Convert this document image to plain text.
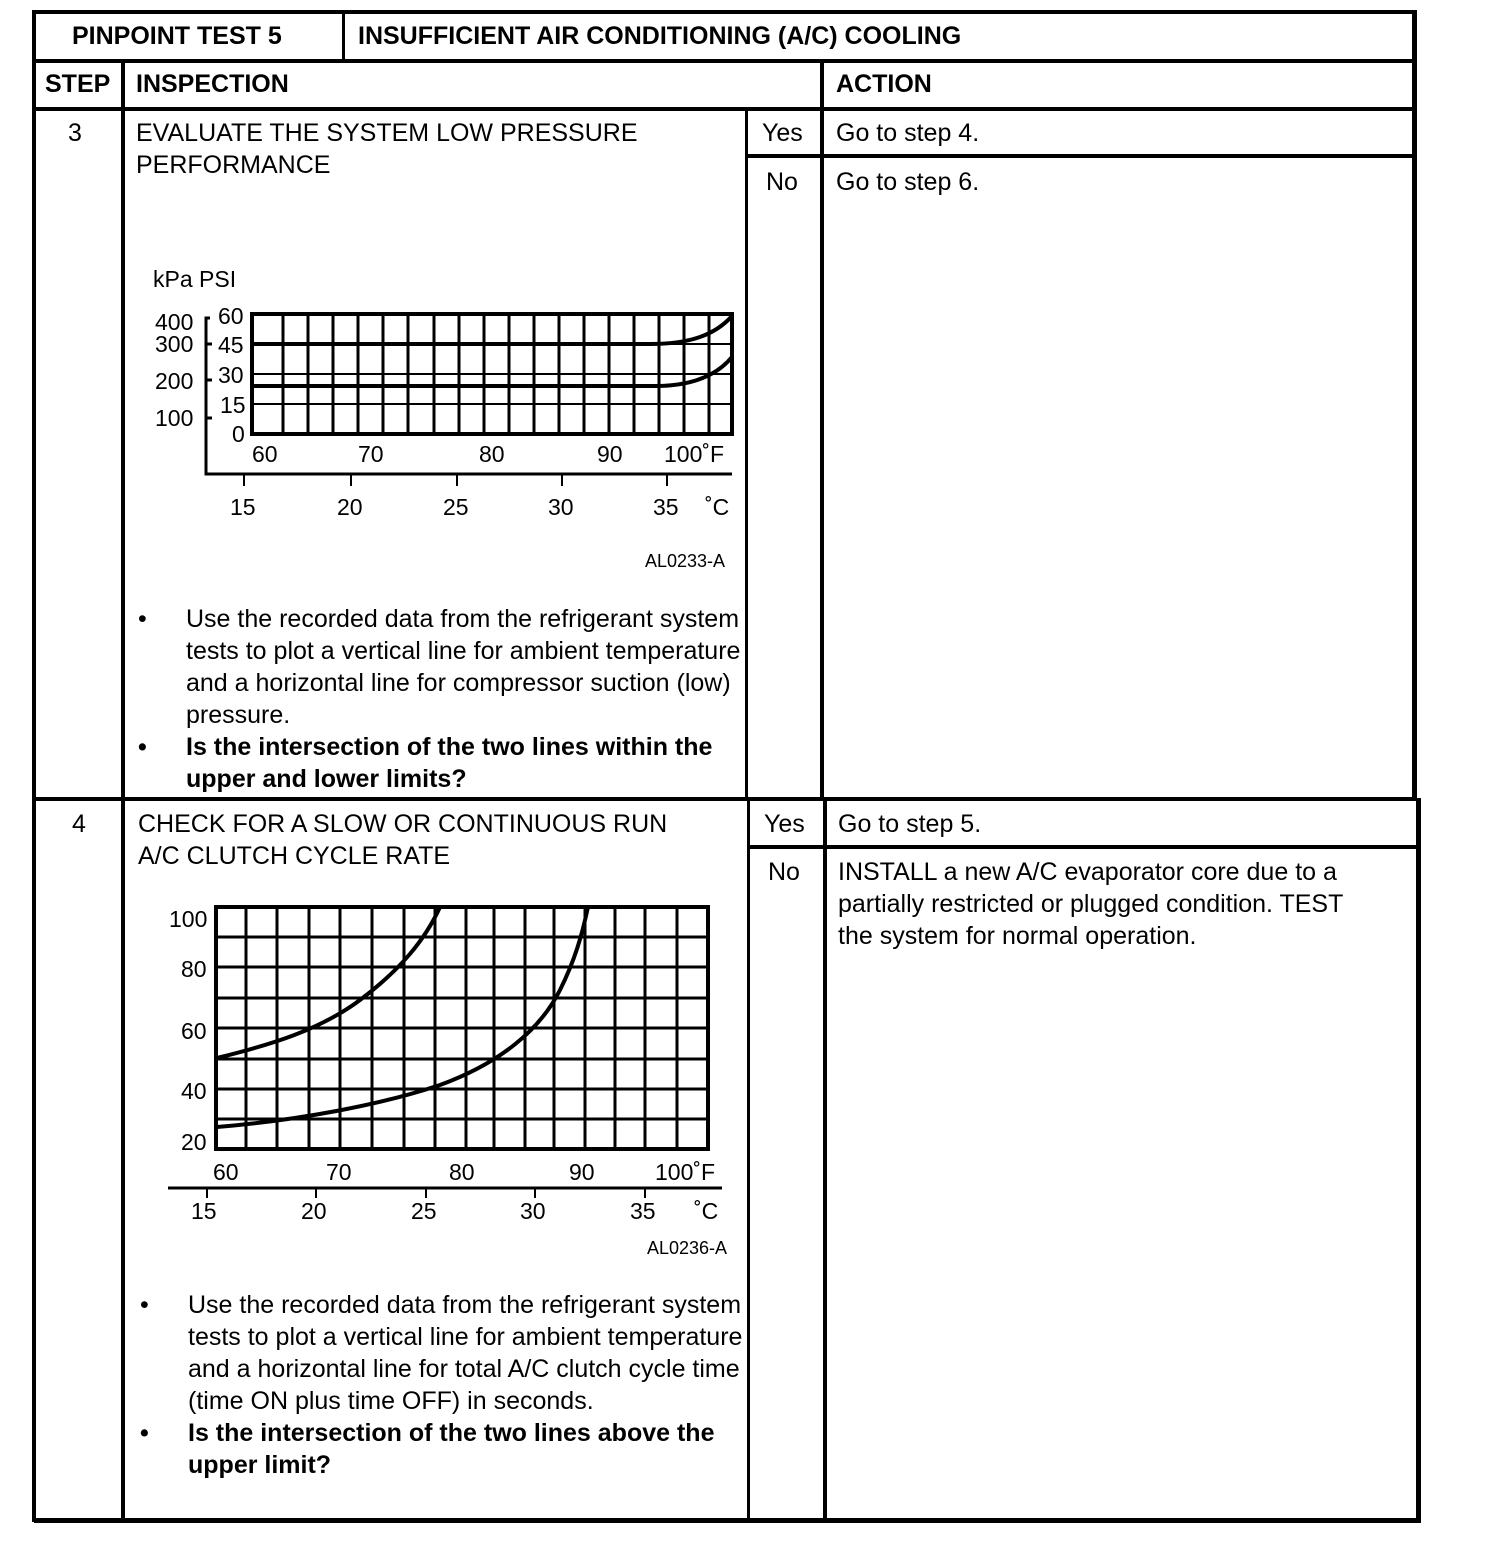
PINPOINT TEST 5	INSUFFICIENT AIR CONDITIONING (A/C) COOLING
STEP INSPECTION	ACTION
3 EVALUATE THE SYSTEM LOW PRESSURE
PERFORMANCE
kPa PSI
400
300
200
100
60
45
30
15
0
60	70	80	90 100˚F
15	20	25	30	35 ˚C
AL0233-A
• Use the recorded data from the refrigerant system tests to plot a vertical line for ambient temperature and a horizontal line for compressor suction (low) pressure.
• Is the intersection of the two lines within the upper and lower limits?
Yes Go to step 4.
No Go to step 6.
4 CHECK FOR A SLOW OR CONTINUOUS RUN
A/C CLUTCH CYCLE RATE
100
80
60
40
20
60	70	80	90	100˚F
15	20	25	30	35 ˚C
AL0236-A
• Use the recorded data from the refrigerant system tests to plot a vertical line for ambient temperature and a horizontal line for total A/C clutch cycle time (time ON plus time OFF) in seconds.
• Is the intersection of the two lines above the upper limit?
Yes Go to step 5.
No INSTALL a new A/C evaporator core due to a partially restricted or plugged condition. TEST the system for normal operation.
